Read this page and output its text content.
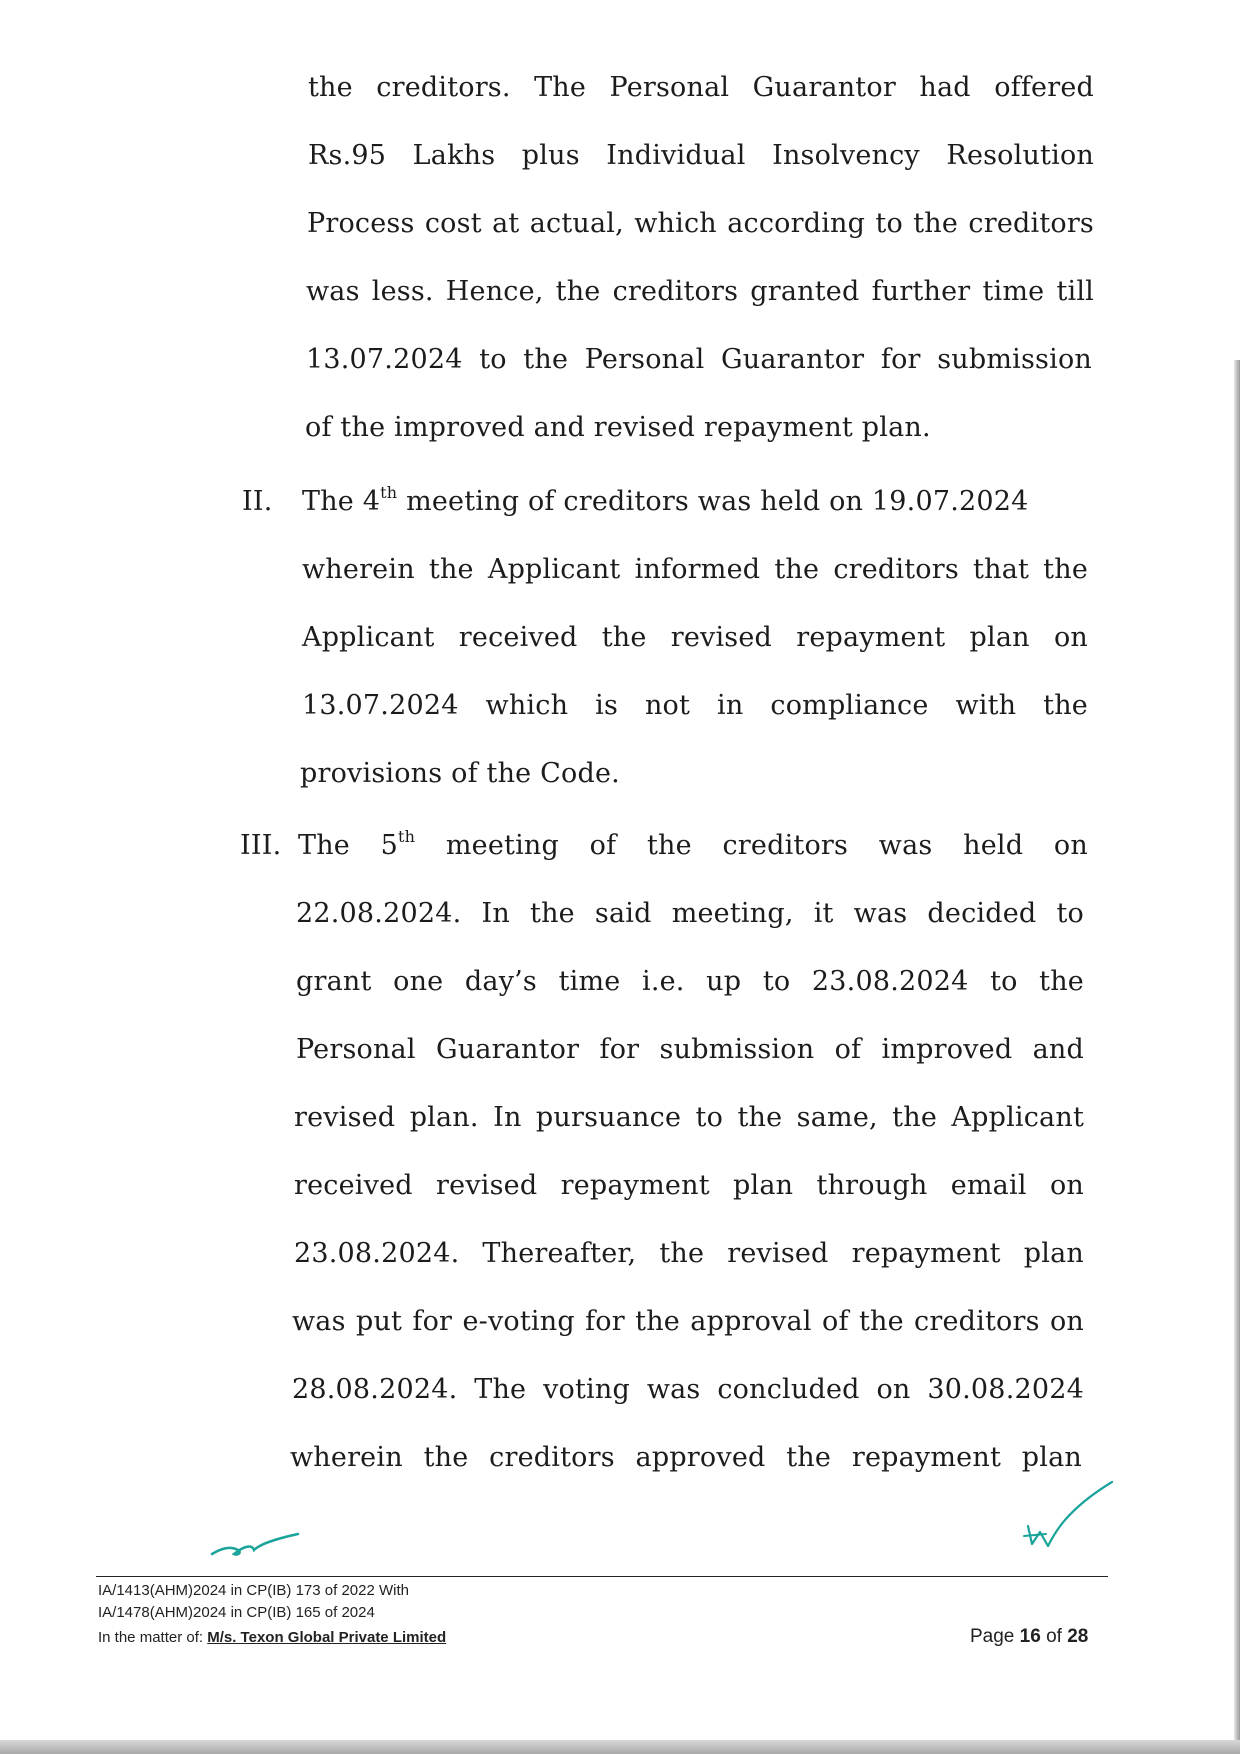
the creditors. The Personal Guarantor had offered
Rs.95 Lakhs plus Individual Insolvency Resolution
Process cost at actual, which according to the creditors
was less. Hence, the creditors granted further time till
13.07.2024 to the Personal Guarantor for submission
of the improved and revised repayment plan.
II. The 4th meeting of creditors was held on 19.07.2024
wherein the Applicant informed the creditors that the
Applicant received the revised repayment plan on
13.07.2024 which is not in compliance with the
provisions of the Code.
III. The 5th meeting of the creditors was held on
22.08.2024. In the said meeting, it was decided to
grant one day’s time i.e. up to 23.08.2024 to the
Personal Guarantor for submission of improved and
revised plan. In pursuance to the same, the Applicant
received revised repayment plan through email on
23.08.2024. Thereafter, the revised repayment plan
was put for e-voting for the approval of the creditors on
28.08.2024. The voting was concluded on 30.08.2024
wherein the creditors approved the repayment plan
IA/1413(AHM)2024 in CP(IB) 173 of 2022 With
IA/1478(AHM)2024 in CP(IB) 165 of 2024
In the matter of: M/s. Texon Global Private Limited	Page 16 of 28
